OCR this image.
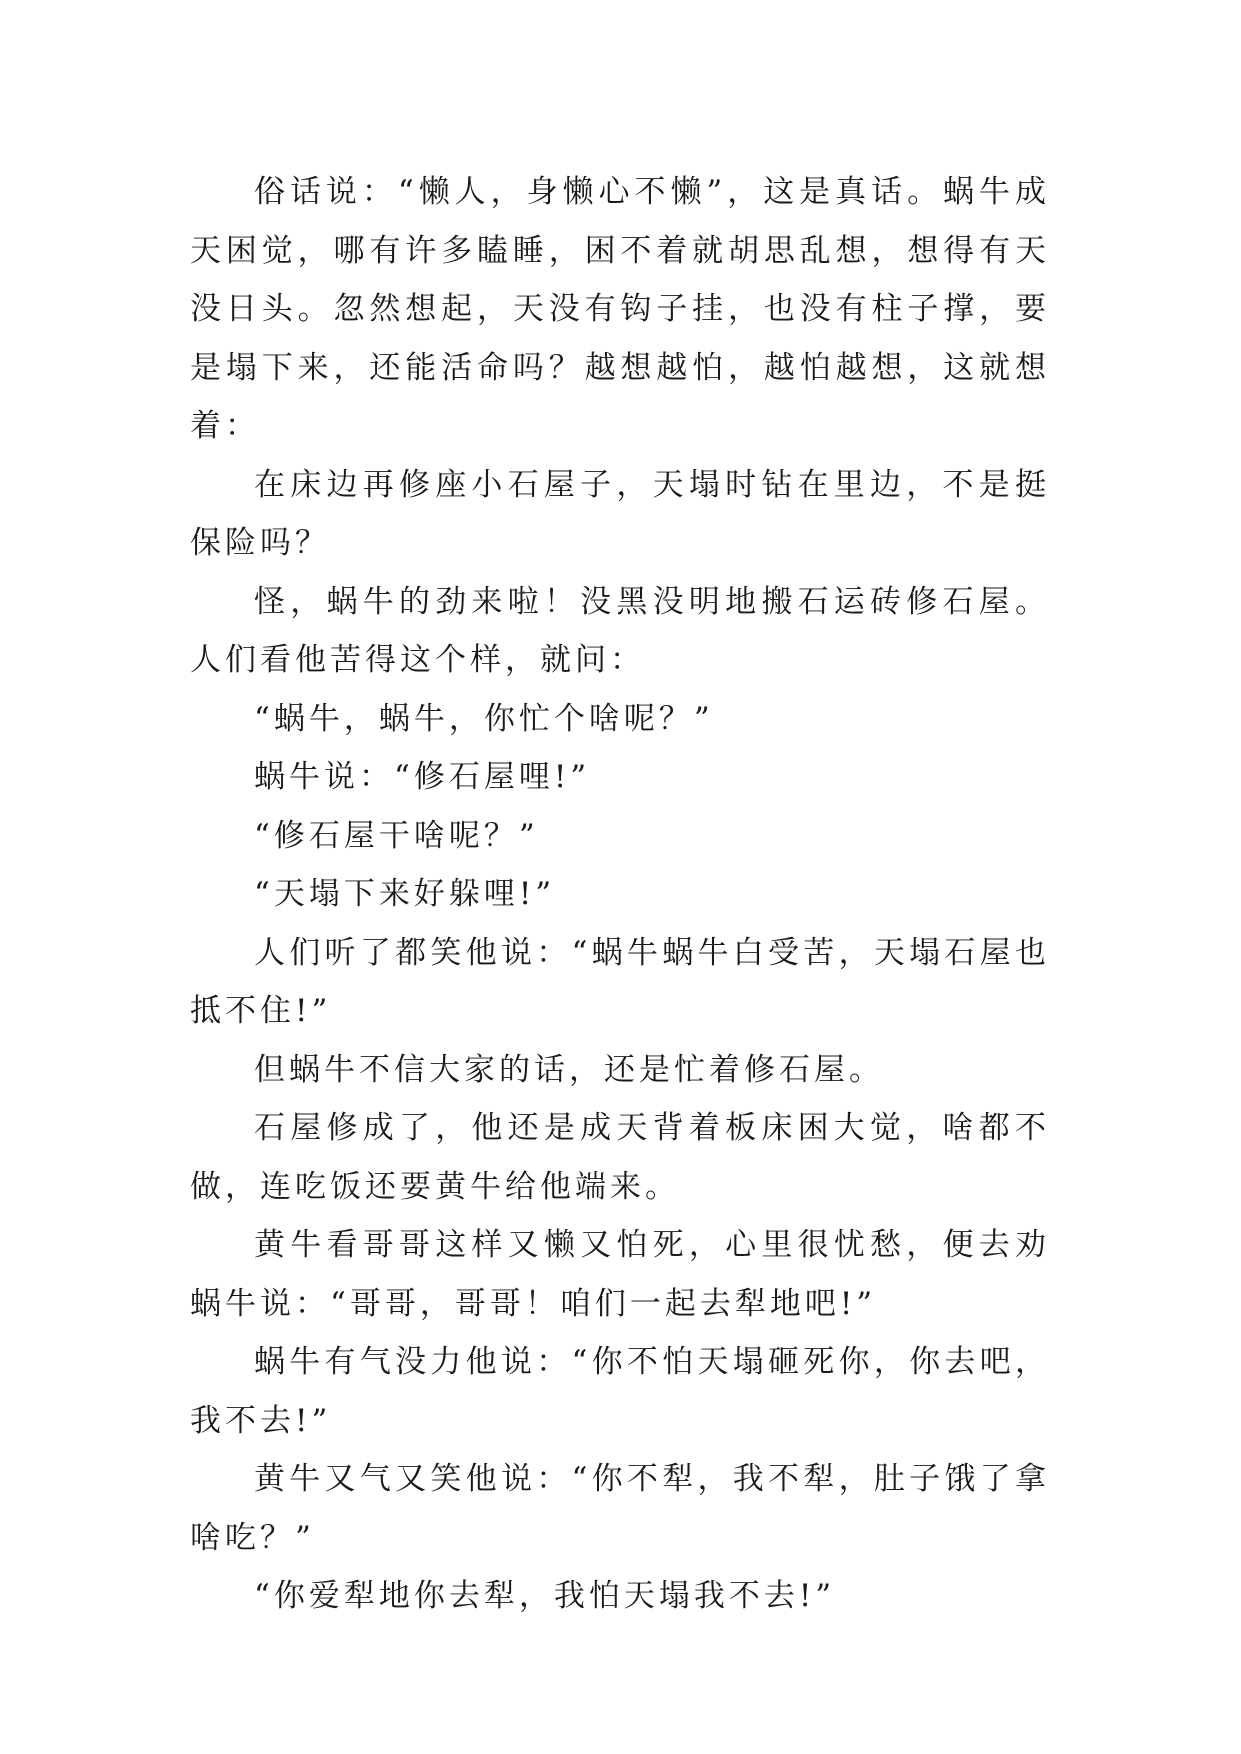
俗话说：“懒人，身懒心不懒”，这是真话。蜗牛成天困觉，哪有许多瞌睡，困不着就胡思乱想，想得有天没日头。忽然想起，天没有钩子挂，也没有柱子撑，要是塌下来，还能活命吗？越想越怕，越怕越想，这就想着：

在床边再修座小石屋子，天塌时钻在里边，不是挺保险吗？

怪，蜗牛的劲来啦！没黑没明地搬石运砖修石屋。人们看他苦得这个样，就问：

“蜗牛，蜗牛，你忙个啥呢？”

蜗牛说：“修石屋哩!”

“修石屋干啥呢？”

“天塌下来好躲哩!”

人们听了都笑他说：“蜗牛蜗牛白受苦，天塌石屋也抵不住!”

但蜗牛不信大家的话，还是忙着修石屋。

石屋修成了，他还是成天背着板床困大觉，啥都不做，连吃饭还要黄牛给他端来。

黄牛看哥哥这样又懒又怕死，心里很忧愁，便去劝蜗牛说：“哥哥，哥哥！咱们一起去犁地吧!”

蜗牛有气没力他说：“你不怕天塌砸死你，你去吧，我不去!”

黄牛又气又笑他说：“你不犁，我不犁，肚子饿了拿啥吃？”

“你爱犁地你去犁，我怕天塌我不去!”
